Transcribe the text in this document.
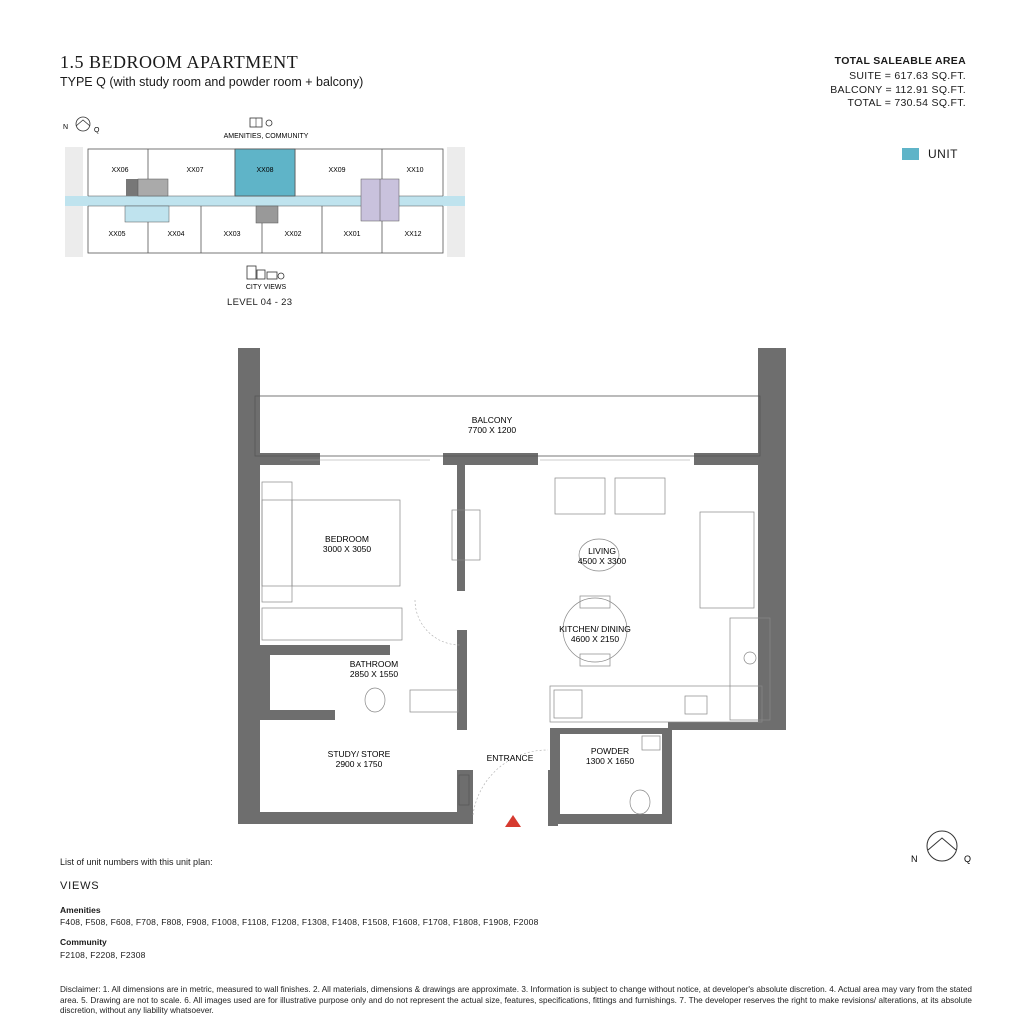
1.5 BEDROOM APARTMENT
TYPE Q (with study room and powder room + balcony)
TOTAL SALEABLE AREA
SUITE = 617.63 SQ.FT.
BALCONY = 112.91 SQ.FT.
TOTAL = 730.54 SQ.FT.
UNIT
N	Q
AMENITIES, COMMUNITY
XX06	XX07	XX08	XX09	XX10
XX05	XX04	XX03	XX02	XX01	XX12
CITY VIEWS
LEVEL 04 - 23
BALCONY
7700 X 1200
BEDROOM
3000 X 3050	LIVING
4500 X 3300
KITCHEN/ DINING
4600 X 2150
BATHROOM
2850 X 1550
STUDY/ STORE
2900 x 1750
POWDER
1300 X 1650
ENTRANCE
N	Q
List of unit numbers with this unit plan:
VIEWS
Amenities
F408, F508, F608, F708, F808, F908, F1008, F1108, F1208, F1308, F1408, F1508, F1608, F1708, F1808, F1908, F2008
Community
F2108, F2208, F2308
Disclaimer: 1. All dimensions are in metric, measured to wall finishes. 2. All materials, dimensions & drawings are approximate. 3. Information is subject to change without notice, at developer's absolute discretion. 4. Actual area may vary from the stated area. 5. Drawing are not to scale. 6. All images used are for illustrative purpose only and do not represent the actual size, features, specifications, fittings and furnishings. 7. The developer reserves the right to make revisions/ alterations, at its absolute discretion, without any liability whatsoever.
